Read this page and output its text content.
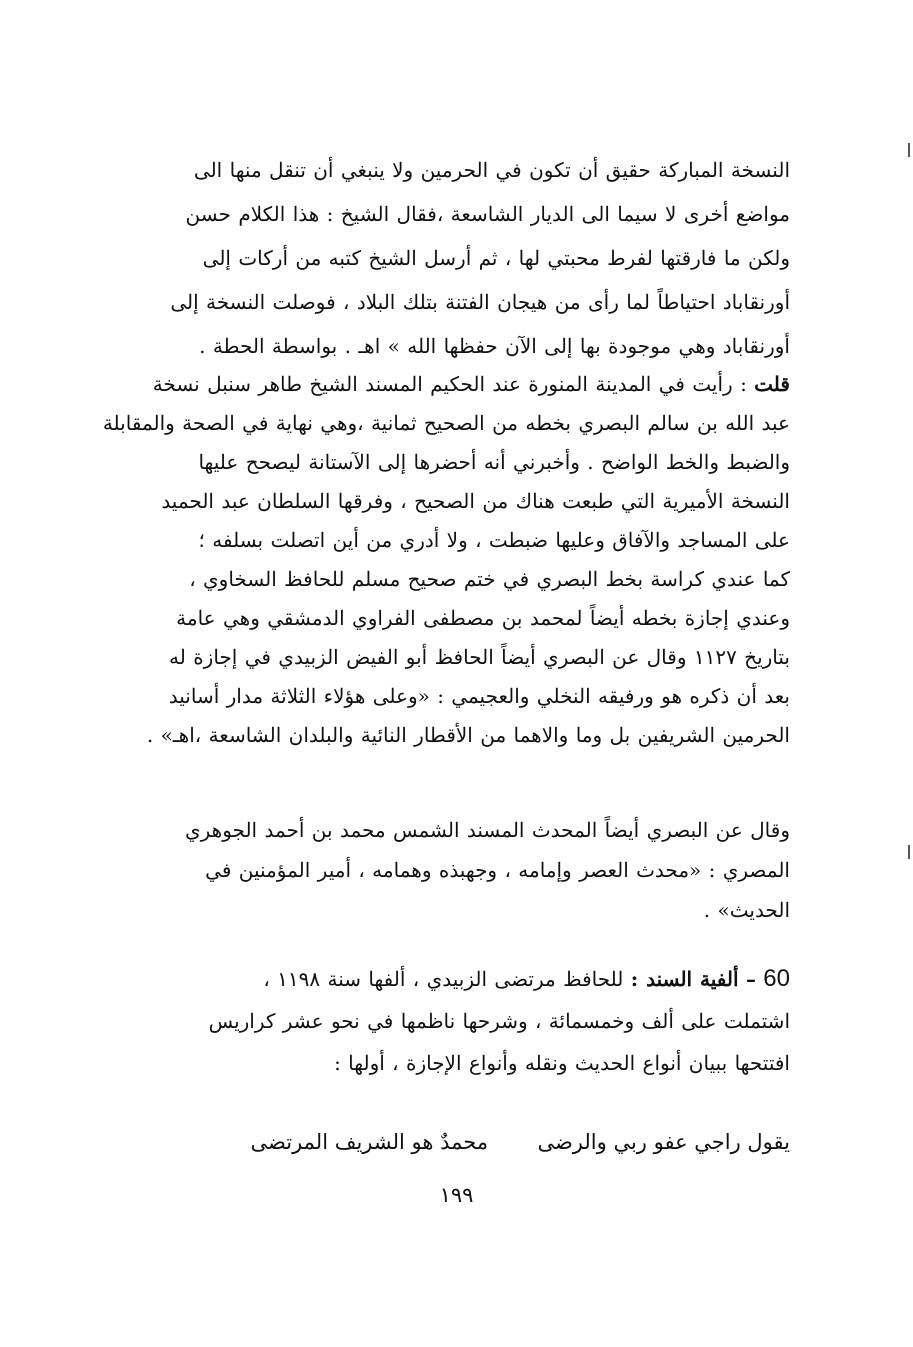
النسخة المباركة حقيق أن تكون في الحرمين ولا ينبغي أن تنقل منها الى
مواضع أخرى لا سيما الى الديار الشاسعة ،فقال الشيخ : هذا الكلام حسن
ولكن ما فارقتها لفرط محبتي لها ، ثم أرسل الشيخ كتبه من أركات إلى
أورنقاباد احتياطاً لما رأى من هيجان الفتنة بتلك البلاد ، فوصلت النسخة إلى
أورنقاباد وهي موجودة بها إلى الآن حفظها الله » اهـ . بواسطة الحطة .
قلت : رأيت في المدينة المنورة عند الحكيم المسند الشيخ طاهر سنبل نسخة
عبد الله بن سالم البصري بخطه من الصحيح ثمانية ،وهي نهاية في الصحة والمقابلة
والضبط والخط الواضح . وأخبرني أنه أحضرها إلى الآستانة ليصحح عليها
النسخة الأميرية التي طبعت هناك من الصحيح ، وفرقها السلطان عبد الحميد
على المساجد والآفاق وعليها ضبطت ، ولا أدري من أين اتصلت بسلفه ؛
كما عندي كراسة بخط البصري في ختم صحيح مسلم للحافظ السخاوي ،
وعندي إجازة بخطه أيضاً لمحمد بن مصطفى الفراوي الدمشقي وهي عامة
بتاريخ ١١٢٧ وقال عن البصري أيضاً الحافظ أبو الفيض الزبيدي في إجازة له
بعد أن ذكره هو ورفيقه النخلي والعجيمي : «وعلى هؤلاء الثلاثة مدار أسانيد
الحرمين الشريفين بل وما والاهما من الأقطار النائية والبلدان الشاسعة ،اهـ» .
وقال عن البصري أيضاً المحدث المسند الشمس محمد بن أحمد الجوهري
المصري : «محدث العصر وإمامه ، وجهبذه وهمامه ، أمير المؤمنين في
الحديث» .
60 – ألفية السند : للحافظ مرتضى الزبيدي ، ألفها سنة ١١٩٨ ،
اشتملت على ألف وخمسمائة ، وشرحها ناظمها في نحو عشر كراريس
افتتحها ببيان أنواع الحديث ونقله وأنواع الإجازة ، أولها :
يقول راجي عفو ربي والرضى  محمدٌ هو الشريف المرتضى
١٩٩
